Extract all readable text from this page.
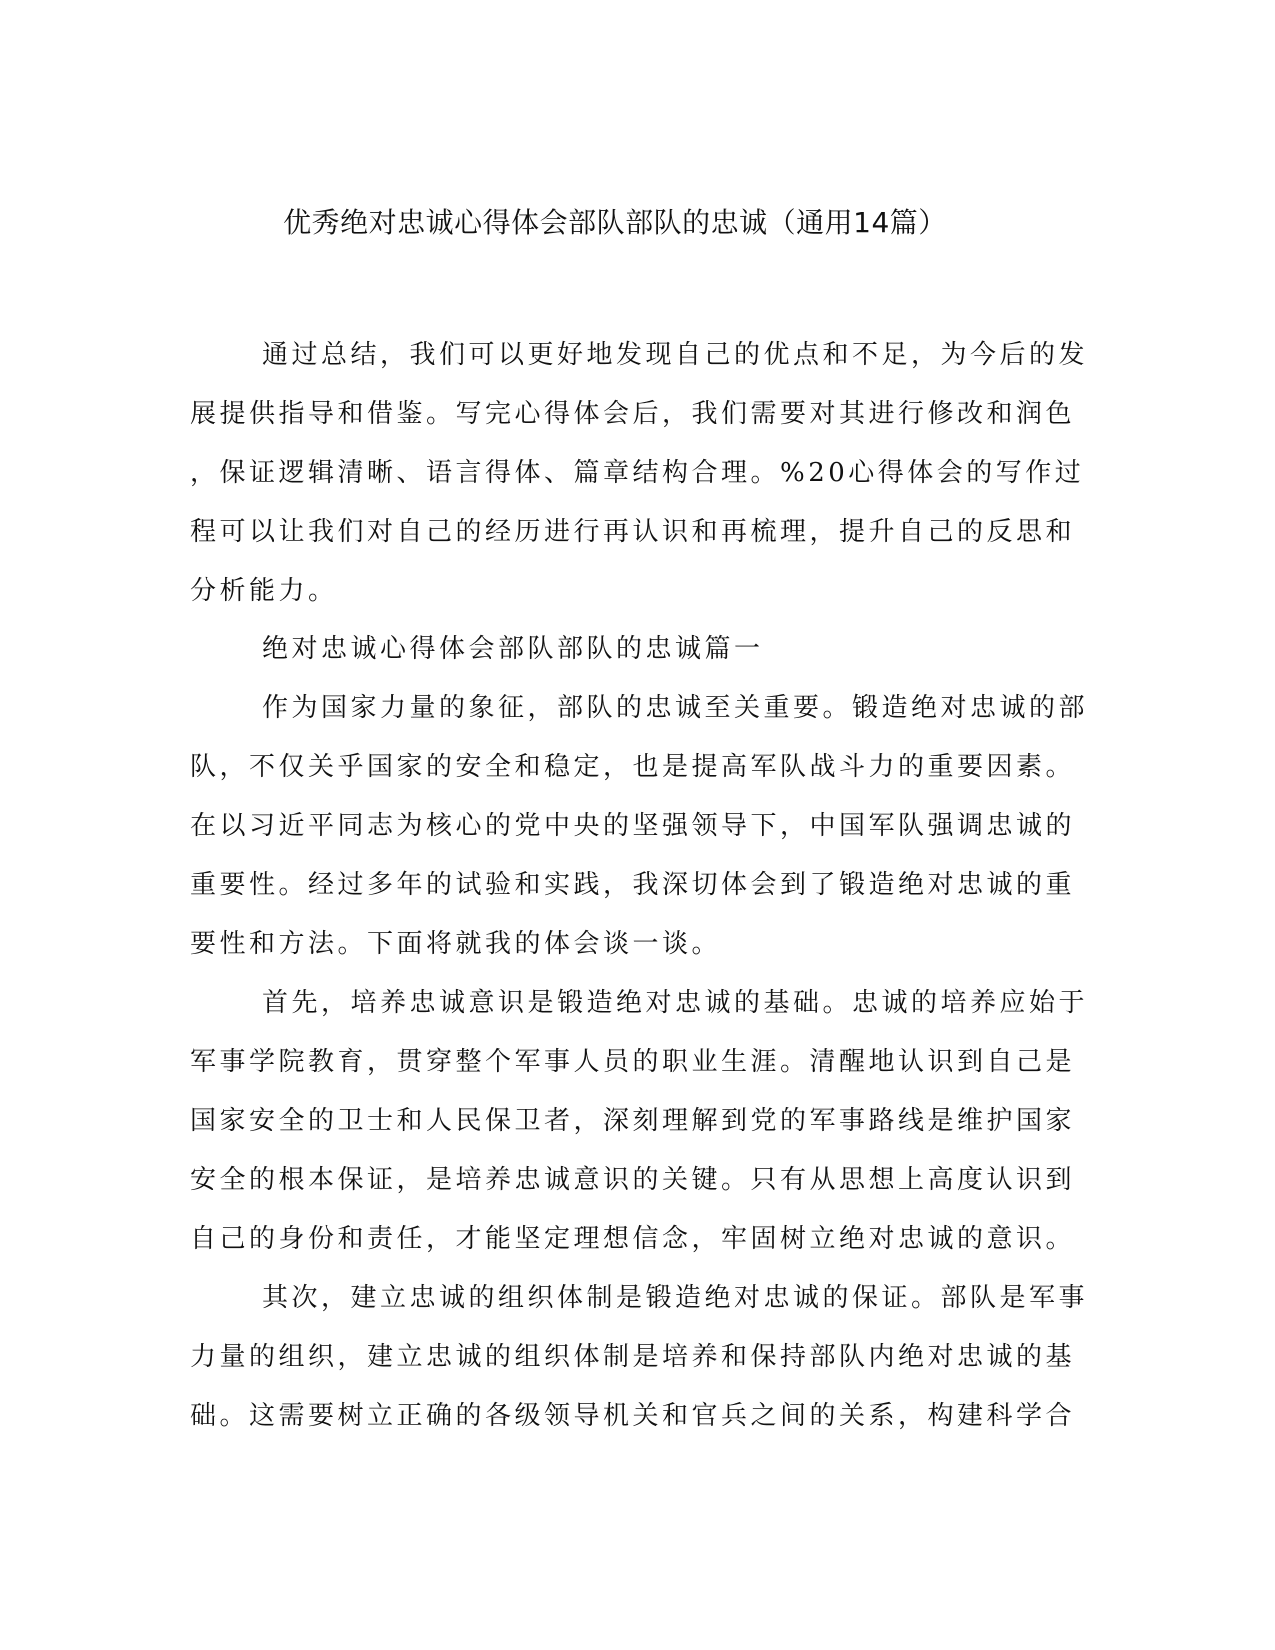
优秀绝对忠诚心得体会部队部队的忠诚（通用14篇）
通过总结，我们可以更好地发现自己的优点和不足，为今后的发
展提供指导和借鉴。写完心得体会后，我们需要对其进行修改和润色
，保证逻辑清晰、语言得体、篇章结构合理。%20心得体会的写作过
程可以让我们对自己的经历进行再认识和再梳理，提升自己的反思和
分析能力。
绝对忠诚心得体会部队部队的忠诚篇一
作为国家力量的象征，部队的忠诚至关重要。锻造绝对忠诚的部
队，不仅关乎国家的安全和稳定，也是提高军队战斗力的重要因素。
在以习近平同志为核心的党中央的坚强领导下，中国军队强调忠诚的
重要性。经过多年的试验和实践，我深切体会到了锻造绝对忠诚的重
要性和方法。下面将就我的体会谈一谈。
首先，培养忠诚意识是锻造绝对忠诚的基础。忠诚的培养应始于
军事学院教育，贯穿整个军事人员的职业生涯。清醒地认识到自己是
国家安全的卫士和人民保卫者，深刻理解到党的军事路线是维护国家
安全的根本保证，是培养忠诚意识的关键。只有从思想上高度认识到
自己的身份和责任，才能坚定理想信念，牢固树立绝对忠诚的意识。
其次，建立忠诚的组织体制是锻造绝对忠诚的保证。部队是军事
力量的组织，建立忠诚的组织体制是培养和保持部队内绝对忠诚的基
础。这需要树立正确的各级领导机关和官兵之间的关系，构建科学合
